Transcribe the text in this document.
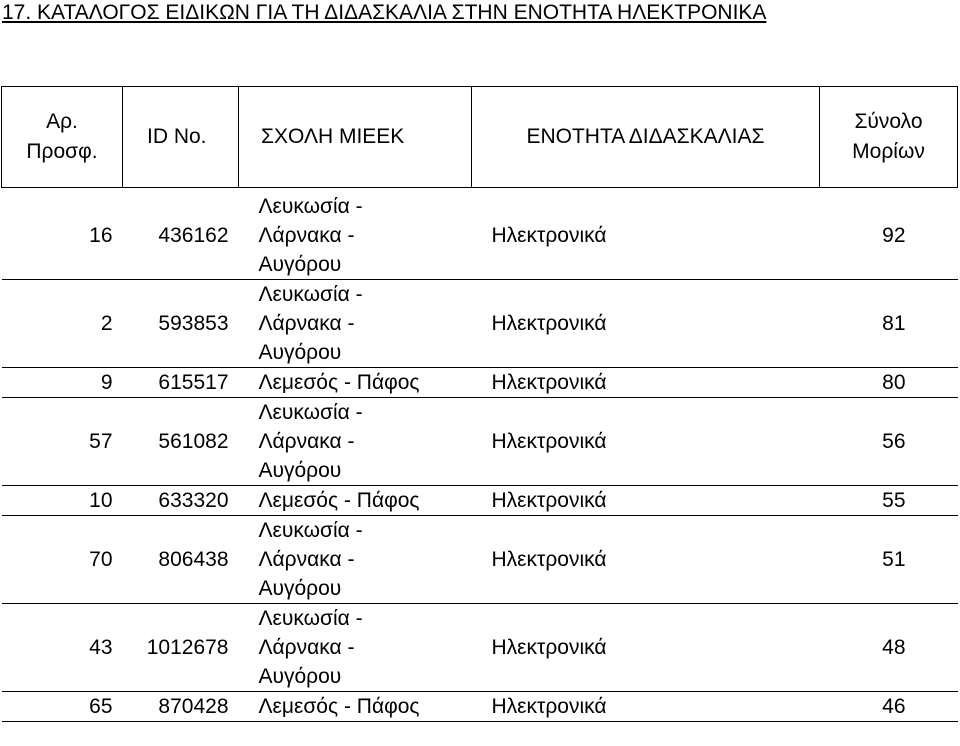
17. ΚΑΤΑΛΟΓΟΣ ΕΙΔΙΚΩΝ ΓΙΑ ΤΗ ΔΙΔΑΣΚΑΛΙΑ ΣΤΗΝ ΕΝΟΤΗΤΑ ΗΛΕΚΤΡΟΝΙΚΑ
Αρ.
Προσφ.	ID No.	ΣΧΟΛΗ ΜΙΕΕΚ	ΕΝΟΤΗΤΑ ΔΙΔΑΣΚΑΛΙΑΣ	Σύνολο
Μορίων

16	436162	Λευκωσία -
Λάρνακα -
Αυγόρου	Ηλεκτρονικά	92
2	593853	Λευκωσία -
Λάρνακα -
Αυγόρου	Ηλεκτρονικά	81
9	615517	Λεμεσός - Πάφος	Ηλεκτρονικά	80
57	561082	Λευκωσία -
Λάρνακα -
Αυγόρου	Ηλεκτρονικά	56
10	633320	Λεμεσός - Πάφος	Ηλεκτρονικά	55
70	806438	Λευκωσία -
Λάρνακα -
Αυγόρου	Ηλεκτρονικά	51
43	1012678	Λευκωσία -
Λάρνακα -
Αυγόρου	Ηλεκτρονικά	48
65	870428	Λεμεσός - Πάφος	Ηλεκτρονικά	46
